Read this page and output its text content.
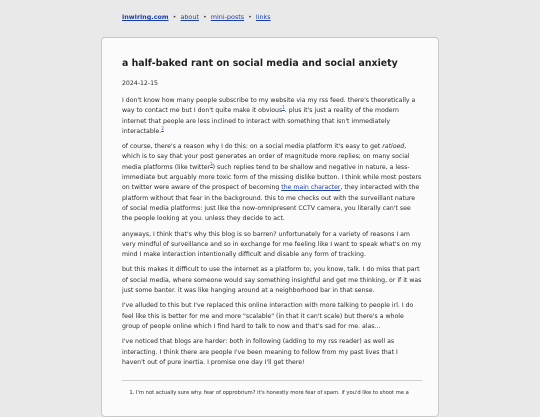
inwiring.com • about • mini-posts • links
a half-baked rant on social media and social anxiety
2024-12-15

I don't know how many people subscribe to my website via my rss feed. there's theoretically a way to contact me but I don't quite make it obvious$^1$. plus it's just a reality of the modern internet that people are less inclined to interact with something that isn't immediately interactable.$^2$

of course, there's a reason why I do this: on a social media platform it's easy to get ratioed, which is to say that your post generates an order of magnitude more replies; on many social media platforms (like twitter$^3$) such replies tend to be shallow and negative in nature, a less-immediate but arguably more toxic form of the missing dislike button. I think while most posters on twitter were aware of the prospect of becoming the main character, they interacted with the platform without that fear in the background. this to me checks out with the surveillant nature of social media platforms: just like the now-omnipresent CCTV camera, you literally can't see the people looking at you. unless they decide to act.

anyways, I think that's why this blog is so barren? unfortunately for a variety of reasons I am very mindful of surveillance and so in exchange for me feeling like I want to speak what's on my mind I make interaction intentionally difficult and disable any form of tracking.

but this makes it difficult to use the internet as a platform to, you know, talk. I do miss that part of social media, where someone would say something insightful and get me thinking, or if it was just some banter. it was like hanging around at a neighborhood bar in that sense.

I've alluded to this but I've replaced this online interaction with more talking to people irl. I do feel like this is better for me and more "scalable" (in that it can't scale) but there's a whole group of people online which I find hard to talk to now and that's sad for me. alas...

I've noticed that blogs are harder: both in following (adding to my rss reader) as well as interacting. I think there are people I've been meaning to follow from my past lives that I haven't out of pure inertia. I promise one day I'll get there!

1. I'm not actually sure why. fear of opprobrium? it's honestly more fear of spam. if you'd like to shoot me a
